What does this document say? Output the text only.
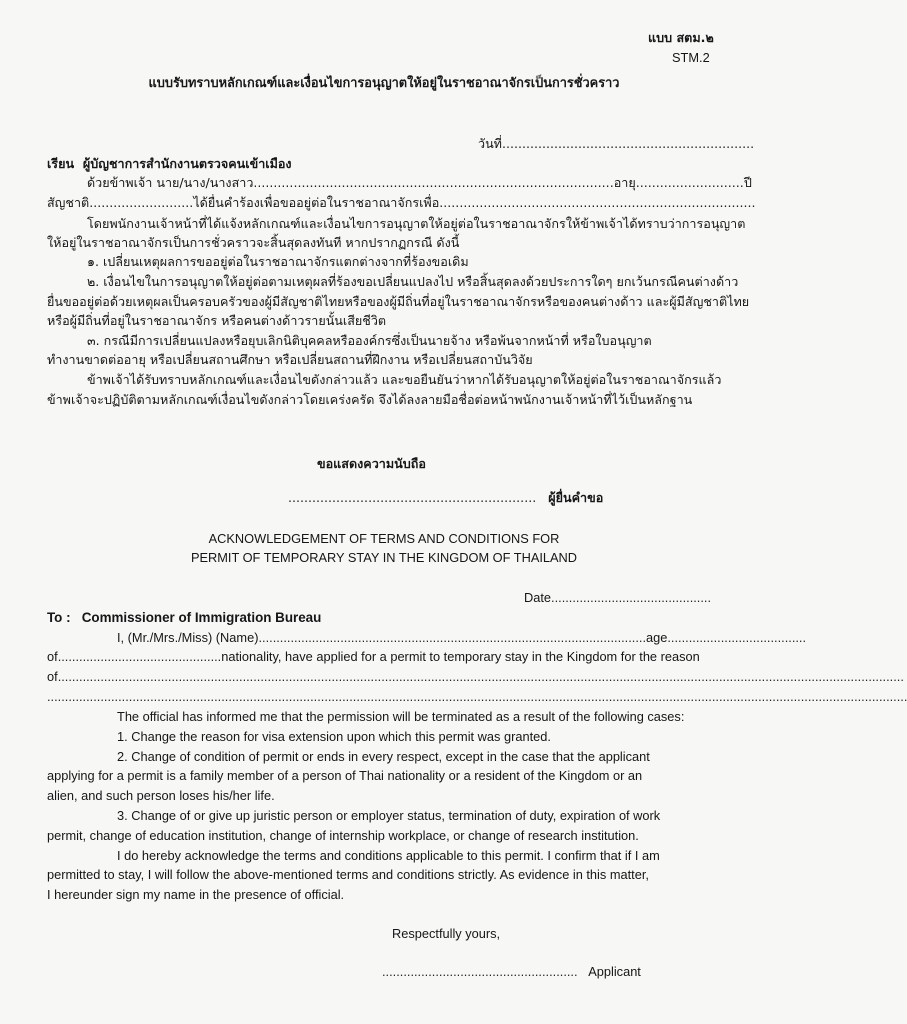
แบบ สตม.๒
STM.2
แบบรับทราบหลักเกณฑ์และเงื่อนไขการอนุญาตให้อยู่ในราชอาณาจักรเป็นการชั่วคราว
วันที่...............................................................
เรียน ผู้บัญชาการสำนักงานตรวจคนเข้าเมือง
ด้วยข้าพเจ้า นาย/นาง/นางสาว..........................................................................................อายุ...........................ปี
สัญชาติ..........................ได้ยื่นคำร้องเพื่อขออยู่ต่อในราชอาณาจักรเพื่อ...............................................................................
โดยพนักงานเจ้าหน้าที่ได้แจ้งหลักเกณฑ์และเงื่อนไขการอนุญาตให้อยู่ต่อในราชอาณาจักรให้ข้าพเจ้าได้ทราบว่าการอนุญาต
ให้อยู่ในราชอาณาจักรเป็นการชั่วคราวจะสิ้นสุดลงทันที หากปรากฏกรณี ดังนี้
๑. เปลี่ยนเหตุผลการขออยู่ต่อในราชอาณาจักรแตกต่างจากที่ร้องขอเดิม
๒. เงื่อนไขในการอนุญาตให้อยู่ต่อตามเหตุผลที่ร้องขอเปลี่ยนแปลงไป หรือสิ้นสุดลงด้วยประการใดๆ ยกเว้นกรณีคนต่างด้าว
ยื่นขออยู่ต่อด้วยเหตุผลเป็นครอบครัวของผู้มีสัญชาติไทยหรือของผู้มีถิ่นที่อยู่ในราชอาณาจักรหรือของคนต่างด้าว และผู้มีสัญชาติไทย
หรือผู้มีถิ่นที่อยู่ในราชอาณาจักร หรือคนต่างด้าวรายนั้นเสียชีวิต
๓. กรณีมีการเปลี่ยนแปลงหรือยุบเลิกนิติบุคคลหรือองค์กรซึ่งเป็นนายจ้าง หรือพ้นจากหน้าที่ หรือใบอนุญาต
ทำงานขาดต่ออายุ หรือเปลี่ยนสถานศึกษา หรือเปลี่ยนสถานที่ฝึกงาน หรือเปลี่ยนสถาบันวิจัย
ข้าพเจ้าได้รับทราบหลักเกณฑ์และเงื่อนไขดังกล่าวแล้ว และขอยืนยันว่าหากได้รับอนุญาตให้อยู่ต่อในราชอาณาจักรแล้ว
ข้าพเจ้าจะปฏิบัติตามหลักเกณฑ์เงื่อนไขดังกล่าวโดยเคร่งครัด จึงได้ลงลายมือชื่อต่อหน้าพนักงานเจ้าหน้าที่ไว้เป็นหลักฐาน
ขอแสดงความนับถือ
.............................................................. ผู้ยื่นคำขอ
ACKNOWLEDGEMENT OF TERMS AND CONDITIONS FOR
PERMIT OF TEMPORARY STAY IN THE KINGDOM OF THAILAND
Date.............................................
To : Commissioner of Immigration Bureau
I, (Mr./Mrs./Miss) (Name).............................................................................................................age.......................................
of..............................................nationality, have applied for a permit to temporary stay in the Kingdom for the reason
of..............................................................................................................................................................................................................................................
..................................................................................................................................................................................................................................................
The official has informed me that the permission will be terminated as a result of the following cases:
1. Change the reason for visa extension upon which this permit was granted.
2. Change of condition of permit or ends in every respect, except in the case that the applicant
applying for a permit is a family member of a person of Thai nationality or a resident of the Kingdom or an
alien, and such person loses his/her life.
3. Change of or give up juristic person or employer status, termination of duty, expiration of work
permit, change of education institution, change of internship workplace, or change of research institution.
I do hereby acknowledge the terms and conditions applicable to this permit. I confirm that if I am
permitted to stay, I will follow the above-mentioned terms and conditions strictly. As evidence in this matter,
I hereunder sign my name in the presence of official.
Respectfully yours,
....................................................... Applicant
